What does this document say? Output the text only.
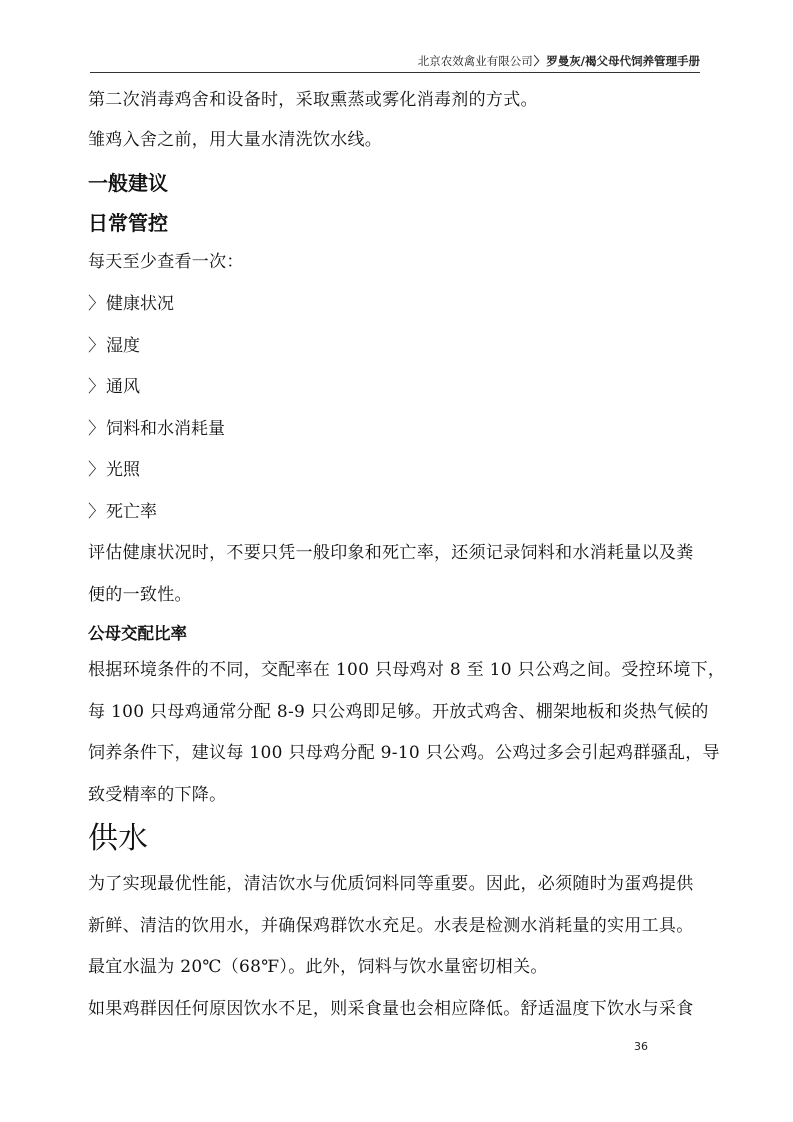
北京农效禽业有限公司〉罗曼灰/褐父母代饲养管理手册

第二次消毒鸡舍和设备时，采取熏蒸或雾化消毒剂的方式。

雏鸡入舍之前，用大量水清洗饮水线。

一般建议
日常管控

每天至少查看一次：

〉 健康状况
〉 湿度
〉 通风
〉 饲料和水消耗量
〉 光照
〉 死亡率

评估健康状况时，不要只凭一般印象和死亡率，还须记录饲料和水消耗量以及粪

便的一致性。

公母交配比率

根据环境条件的不同，交配率在 100 只母鸡对 8 至 10 只公鸡之间。受控环境下，

每 100 只母鸡通常分配 8-9 只公鸡即足够。开放式鸡舍、棚架地板和炎热气候的

饲养条件下，建议每 100 只母鸡分配 9-10 只公鸡。公鸡过多会引起鸡群骚乱，导

致受精率的下降。

供水

为了实现最优性能，清洁饮水与优质饲料同等重要。因此，必须随时为蛋鸡提供

新鲜、清洁的饮用水，并确保鸡群饮水充足。水表是检测水消耗量的实用工具。

最宜水温为 20℃（68℉）。此外，饲料与饮水量密切相关。

如果鸡群因任何原因饮水不足，则采食量也会相应降低。舒适温度下饮水与采食

36
